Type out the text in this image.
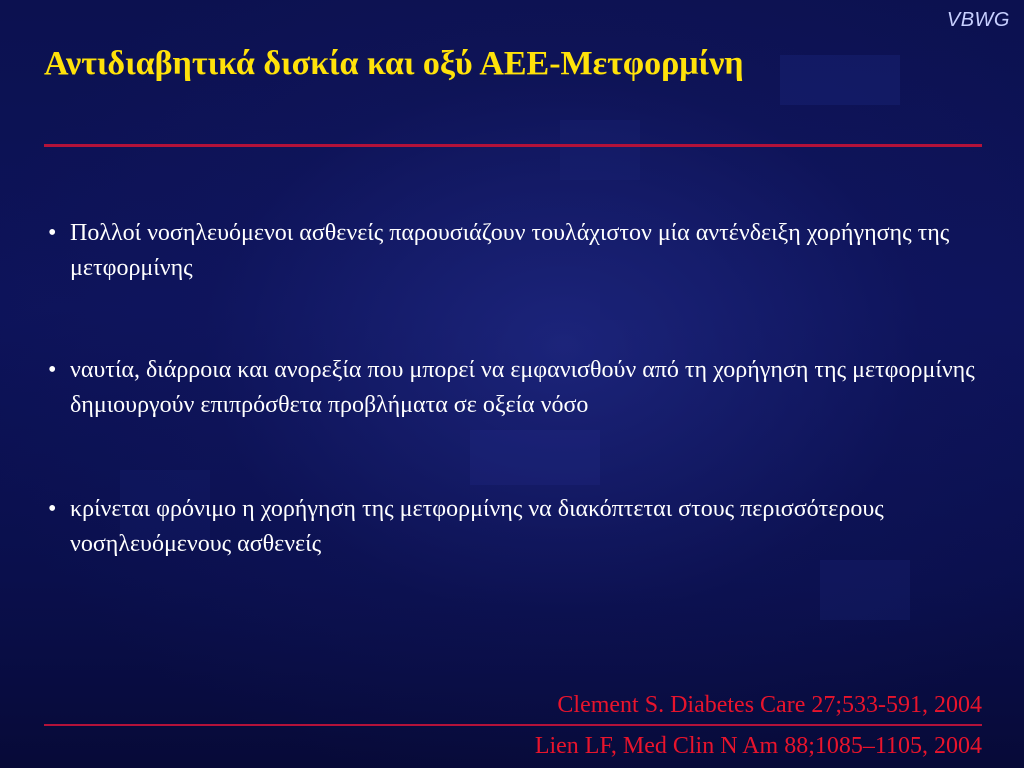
VBWG
Αντιδιαβητικά δισκία και οξύ ΑΕΕ-Μετφορμίνη
• Πολλοί νοσηλευόμενοι ασθενείς παρουσιάζουν τουλάχιστον μία αντένδειξη χορήγησης της μετφορμίνης
• ναυτία, διάρροια και ανορεξία που μπορεί να εμφανισθούν από τη χορήγηση της μετφορμίνης δημιουργούν επιπρόσθετα προβλήματα σε οξεία νόσο
• κρίνεται φρόνιμο η χορήγηση της μετφορμίνης να διακόπτεται στους περισσότερους νοσηλευόμενους ασθενείς
Clement S. Diabetes Care 27;533-591, 2004
Lien LF, Med Clin N Am 88;1085–1105, 2004
